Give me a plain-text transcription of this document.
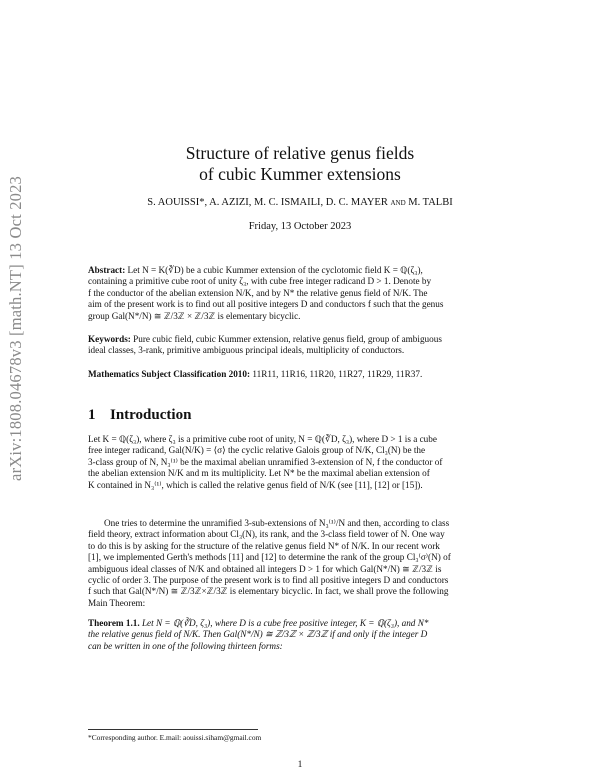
arXiv:1808.04678v3 [math.NT] 13 Oct 2023
Structure of relative genus fields
of cubic Kummer extensions
S. AOUISSI*, A. AZIZI, M. C. ISMAILI, D. C. MAYER and M. TALBI
Friday, 13 October 2023
Abstract: Let N = K(∛D) be a cubic Kummer extension of the cyclotomic field K = ℚ(ζ₃),
containing a primitive cube root of unity ζ₃, with cube free integer radicand D > 1. Denote by
f the conductor of the abelian extension N/K, and by N* the relative genus field of N/K. The
aim of the present work is to find out all positive integers D and conductors f such that the genus
group Gal(N*/N) ≅ ℤ/3ℤ × ℤ/3ℤ is elementary bicyclic.
Keywords: Pure cubic field, cubic Kummer extension, relative genus field, group of ambiguous
ideal classes, 3-rank, primitive ambiguous principal ideals, multiplicity of conductors.
Mathematics Subject Classification 2010: 11R11, 11R16, 11R20, 11R27, 11R29, 11R37.
1 Introduction
Let K = ℚ(ζ₃), where ζ₃ is a primitive cube root of unity, N = ℚ(∛D, ζ₃), where D > 1 is a cube
free integer radicand, Gal(N/K) = ⟨σ⟩ the cyclic relative Galois group of N/K, Cl₃(N) be the
3-class group of N, N₃⁽¹⁾ be the maximal abelian unramified 3-extension of N, f the conductor of
the abelian extension N/K and m its multiplicity. Let N* be the maximal abelian extension of
K contained in N₃⁽¹⁾, which is called the relative genus field of N/K (see [11], [12] or [15]).
One tries to determine the unramified 3-sub-extensions of N₃⁽¹⁾/N and then, according to class
field theory, extract information about Cl₃(N), its rank, and the 3-class field tower of N. One way
to do this is by asking for the structure of the relative genus field N* of N/K. In our recent work
[1], we implemented Gerth's methods [11] and [12] to determine the rank of the group Cl₃⁽σ⁾(N) of
ambiguous ideal classes of N/K and obtained all integers D > 1 for which Gal(N*/N) ≅ ℤ/3ℤ is
cyclic of order 3. The purpose of the present work is to find all positive integers D and conductors
f such that Gal(N*/N) ≅ ℤ/3ℤ×ℤ/3ℤ is elementary bicyclic. In fact, we shall prove the following
Main Theorem:
Theorem 1.1. Let N = ℚ(∛D, ζ₃), where D is a cube free positive integer, K = ℚ(ζ₃), and N*
the relative genus field of N/K. Then Gal(N*/N) ≅ ℤ/3ℤ × ℤ/3ℤ if and only if the integer D
can be written in one of the following thirteen forms:
*Corresponding author. E.mail: aouissi.siham@gmail.com
1
